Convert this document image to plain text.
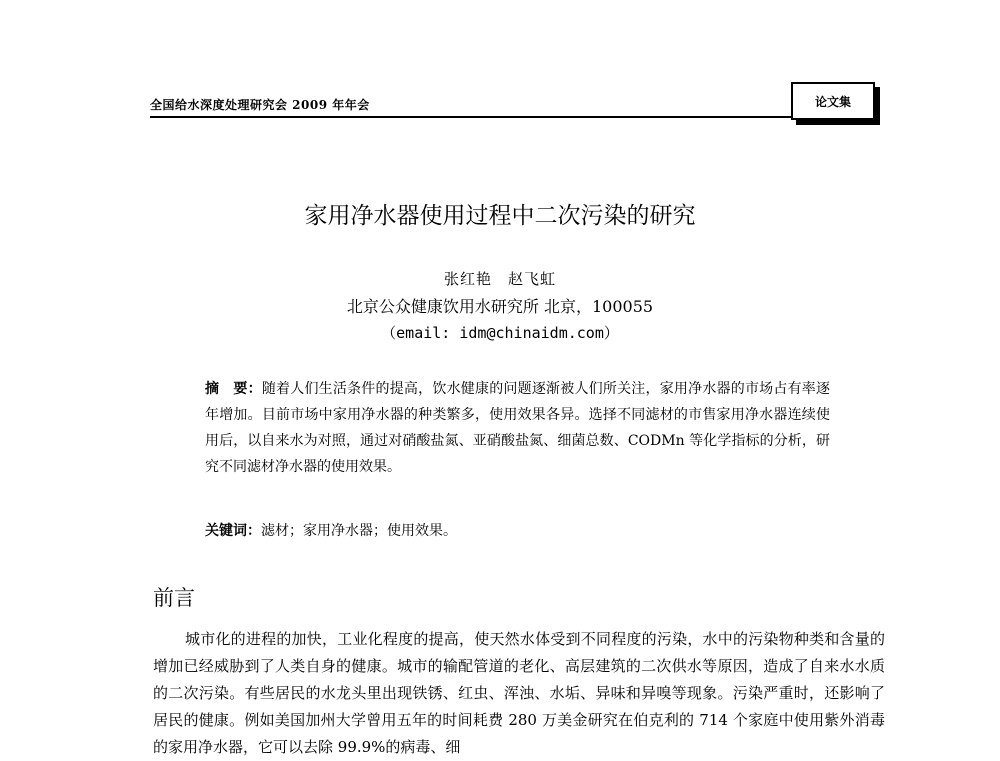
全国给水深度处理研究会 2009 年年会	论文集
家用净水器使用过程中二次污染的研究
张红艳　赵飞虹
北京公众健康饮用水研究所 北京，100055
（email: idm@chinaidm.com）
摘　要：随着人们生活条件的提高，饮水健康的问题逐渐被人们所关注，家用净水器的市场占有率逐年增加。目前市场中家用净水器的种类繁多，使用效果各异。选择不同滤材的市售家用净水器连续使用后，以自来水为对照，通过对硝酸盐氮、亚硝酸盐氮、细菌总数、CODMn 等化学指标的分析，研究不同滤材净水器的使用效果。
关键词：滤材；家用净水器；使用效果。
前言

城市化的进程的加快，工业化程度的提高，使天然水体受到不同程度的污染，水中的污染物种类和含量的增加已经威胁到了人类自身的健康。城市的输配管道的老化、高层建筑的二次供水等原因，造成了自来水水质的二次污染。有些居民的水龙头里出现铁锈、红虫、浑浊、水垢、异味和异嗅等现象。污染严重时，还影响了居民的健康。例如美国加州大学曾用五年的时间耗费 280 万美金研究在伯克利的 714 个家庭中使用紫外消毒的家用净水器，它可以去除 99.9%的病毒、细
